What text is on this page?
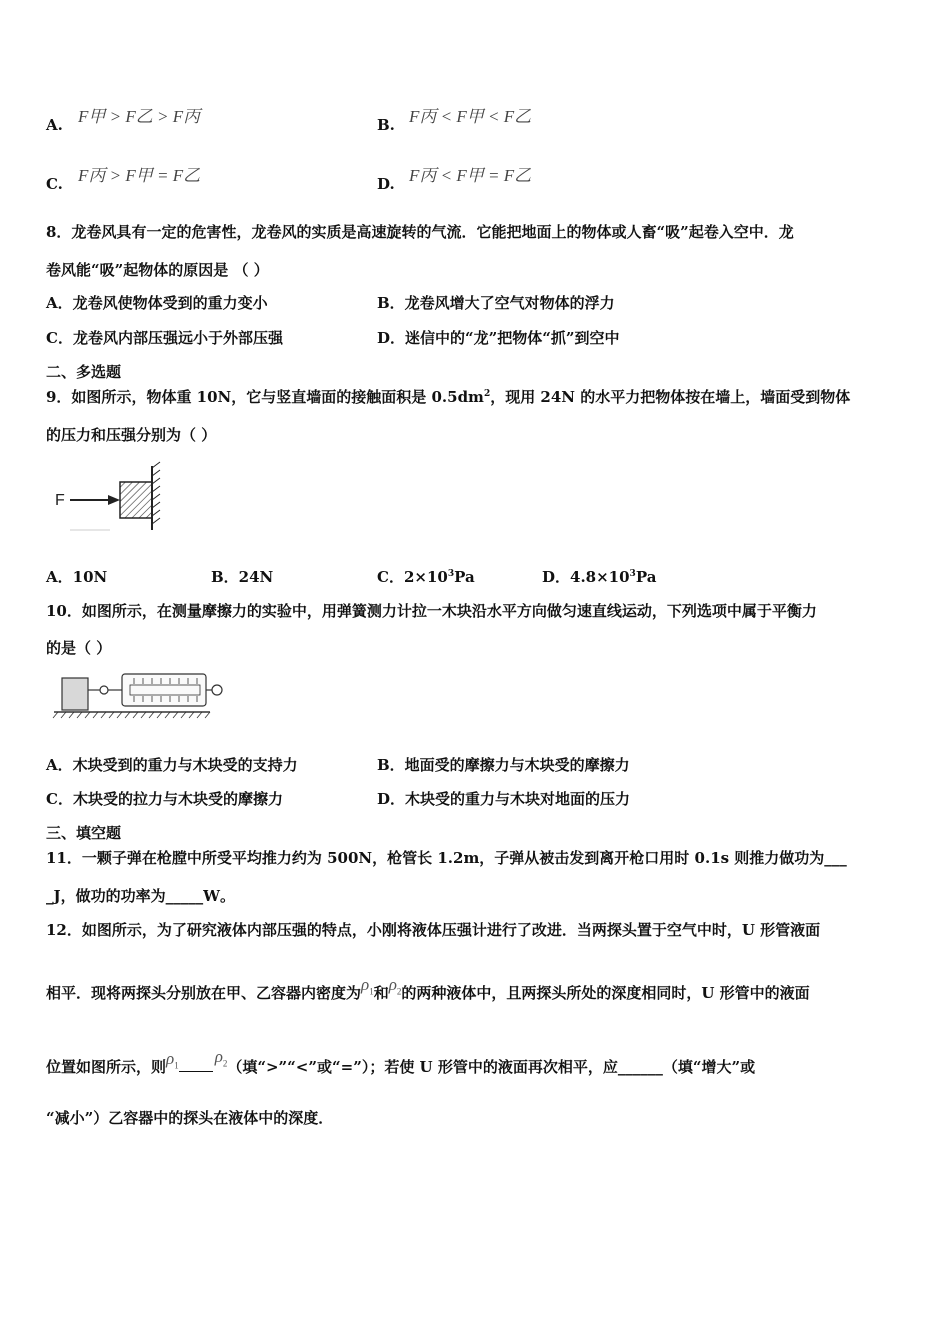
A. F甲 > F乙 > F丙	B. F丙 < F甲 < F乙
C. F丙 > F甲 = F乙	D. F丙 < F甲 = F乙
8．龙卷风具有一定的危害性，龙卷风的实质是高速旋转的气流．它能把地面上的物体或人畜“吸”起卷入空中．龙
卷风能“吸”起物体的原因是 （ ）
A．龙卷风使物体受到的重力变小	B．龙卷风增大了空气对物体的浮力
C．龙卷风内部压强远小于外部压强	D．迷信中的“龙”把物体“抓”到空中
二、多选题
9．如图所示，物体重 10N，它与竖直墙面的接触面积是 $0.5dm^2$，现用 24N 的水平力把物体按在墙上，墙面受到物体
的压力和压强分别为（ ）
F
A．10N	B．24N	C．$2\times 10^3Pa$	D．$4.8\times 10^3Pa$
10．如图所示，在测量摩擦力的实验中，用弹簧测力计拉一木块沿水平方向做匀速直线运动，下列选项中属于平衡力
的是（ ）
A．木块受到的重力与木块受的支持力	B．地面受的摩擦力与木块受的摩擦力
C．木块受的拉力与木块受的摩擦力	D．木块受的重力与木块对地面的压力
三、填空题
11．一颗子弹在枪膛中所受平均推力约为 500N，枪管长 1.2m，子弹从被击发到离开枪口用时 0.1s 则推力做功为___
_J，做功的功率为_____W。
12．如图所示，为了研究液体内部压强的特点，小刚将液体压强计进行了改进．当两探头置于空气中时，U 形管液面
相平．现将两探头分别放在甲、乙容器内密度为$\rho_1$和$\rho_2$的两种液体中，且两探头所处的深度相同时，U 形管中的液面
位置如图所示，则$\rho_1$ $\rho_2$（填“>”“<”或“=”）；若使 U 形管中的液面再次相平，应______（填“增大”或
“减小”）乙容器中的探头在液体中的深度．
